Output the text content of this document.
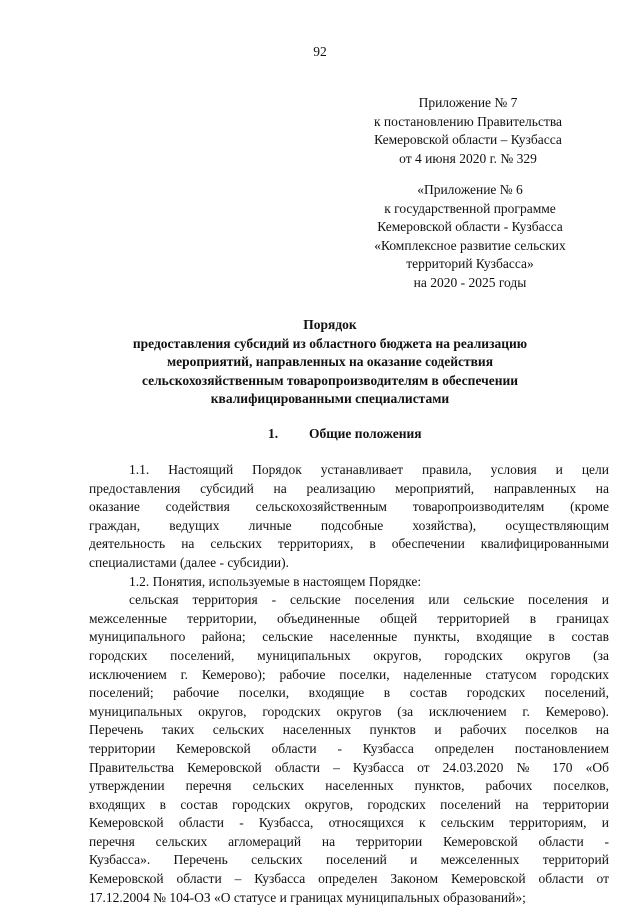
92
Приложение № 7
к постановлению Правительства
Кемеровской области – Кузбасса
от 4 июня 2020 г. № 329
«Приложение № 6
к государственной программе
Кемеровской области - Кузбасса
«Комплексное развитие сельских
территорий Кузбасса»
на 2020 - 2025 годы
Порядок
предоставления субсидий из областного бюджета на реализацию
мероприятий, направленных на оказание содействия
сельскохозяйственным товаропроизводителям в обеспечении
квалифицированными специалистами
1. Общие положения
1.1. Настоящий Порядок устанавливает правила, условия и цели
предоставления субсидий на реализацию мероприятий, направленных на
оказание содействия сельскохозяйственным товаропроизводителям (кроме
граждан, ведущих личные подсобные хозяйства), осуществляющим
деятельность на сельских территориях, в обеспечении квалифицированными
специалистами (далее - субсидии).
1.2. Понятия, используемые в настоящем Порядке:
сельская территория - сельские поселения или сельские поселения и
межселенные территории, объединенные общей территорией в границах
муниципального района; сельские населенные пункты, входящие в состав
городских поселений, муниципальных округов, городских округов (за
исключением г. Кемерово); рабочие поселки, наделенные статусом городских
поселений; рабочие поселки, входящие в состав городских поселений,
муниципальных округов, городских округов (за исключением г. Кемерово).
Перечень таких сельских населенных пунктов и рабочих поселков на
территории Кемеровской области - Кузбасса определен постановлением
Правительства Кемеровской области – Кузбасса от 24.03.2020 № 170 «Об
утверждении перечня сельских населенных пунктов, рабочих поселков,
входящих в состав городских округов, городских поселений на территории
Кемеровской области - Кузбасса, относящихся к сельским территориям, и
перечня сельских агломераций на территории Кемеровской области -
Кузбасса». Перечень сельских поселений и межселенных территорий
Кемеровской области – Кузбасса определен Законом Кемеровской области от
17.12.2004 № 104-ОЗ «О статусе и границах муниципальных образований»;
